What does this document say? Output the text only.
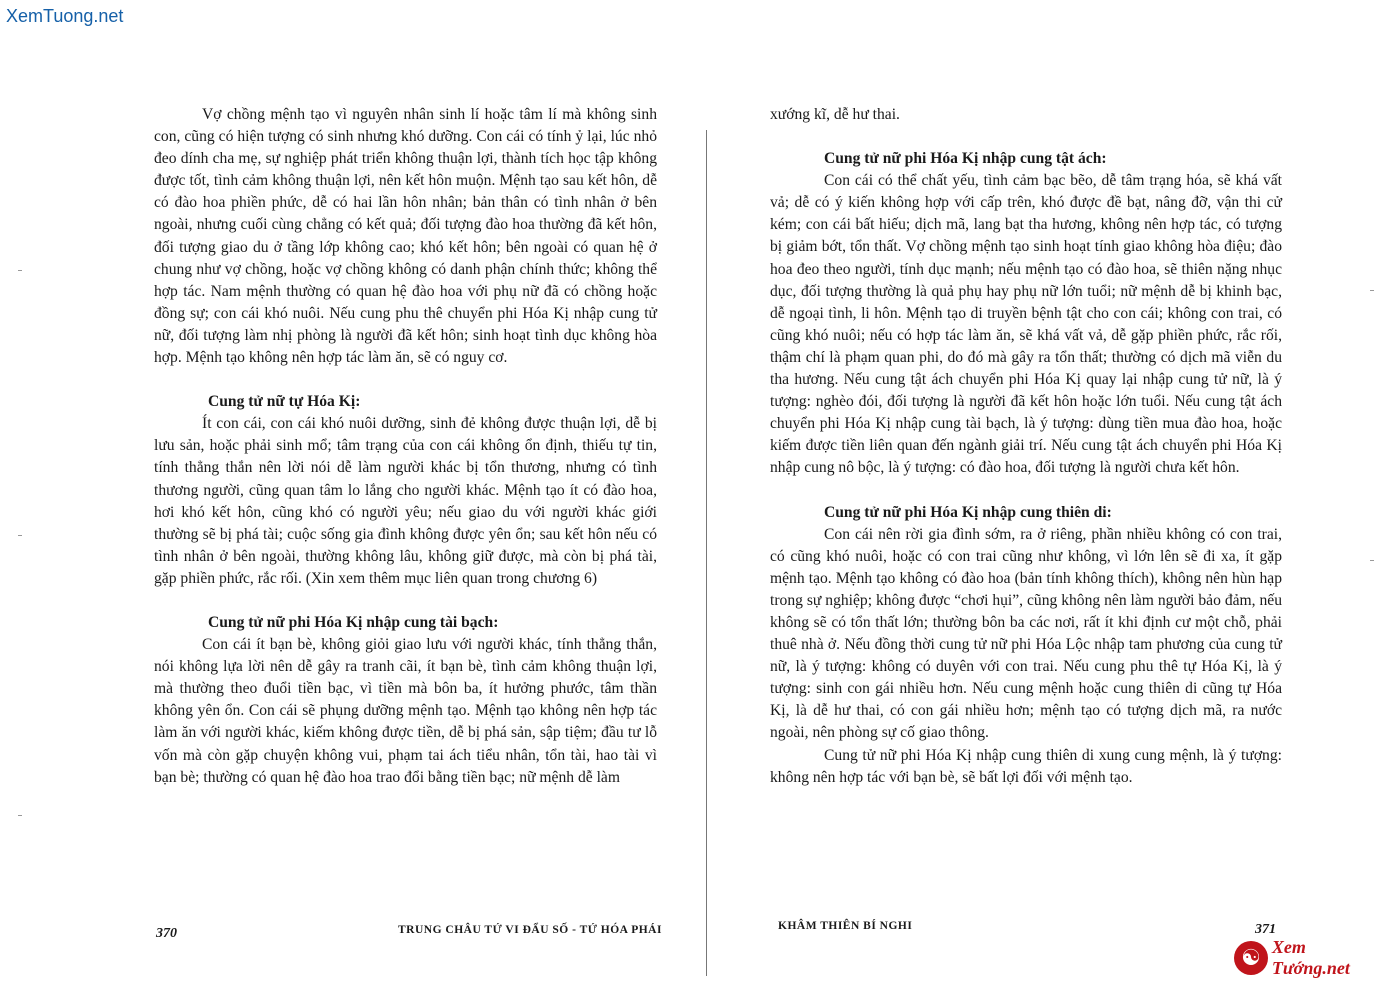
XemTuong.net

Vợ chồng mệnh tạo vì nguyên nhân sinh lí hoặc tâm lí mà không sinh con, cũng có hiện tượng có sinh nhưng khó dưỡng. Con cái có tính ỷ lại, lúc nhỏ đeo dính cha mẹ, sự nghiệp phát triển không thuận lợi, thành tích học tập không được tốt, tình cảm không thuận lợi, nên kết hôn muộn. Mệnh tạo sau kết hôn, dễ có đào hoa phiền phức, dễ có hai lần hôn nhân; bản thân có tình nhân ở bên ngoài, nhưng cuối cùng chẳng có kết quả; đối tượng đào hoa thường đã kết hôn, đối tượng giao du ở tầng lớp không cao; khó kết hôn; bên ngoài có quan hệ ở chung như vợ chồng, hoặc vợ chồng không có danh phận chính thức; không thể hợp tác. Nam mệnh thường có quan hệ đào hoa với phụ nữ đã có chồng hoặc đồng sự; con cái khó nuôi. Nếu cung phu thê chuyển phi Hóa Kị nhập cung tử nữ, đối tượng làm nhị phòng là người đã kết hôn; sinh hoạt tình dục không hòa hợp. Mệnh tạo không nên hợp tác làm ăn, sẽ có nguy cơ.

Cung tử nữ tự Hóa Kị:

Ít con cái, con cái khó nuôi dưỡng, sinh đẻ không được thuận lợi, dễ bị lưu sản, hoặc phải sinh mổ; tâm trạng của con cái không ổn định, thiếu tự tin, tính thẳng thắn nên lời nói dễ làm người khác bị tổn thương, nhưng có tình thương người, cũng quan tâm lo lắng cho người khác. Mệnh tạo ít có đào hoa, hơi khó kết hôn, cũng khó có người yêu; nếu giao du với người khác giới thường sẽ bị phá tài; cuộc sống gia đình không được yên ổn; sau kết hôn nếu có tình nhân ở bên ngoài, thường không lâu, không giữ được, mà còn bị phá tài, gặp phiền phức, rắc rối. (Xin xem thêm mục liên quan trong chương 6)

Cung tử nữ phi Hóa Kị nhập cung tài bạch:

Con cái ít bạn bè, không giỏi giao lưu với người khác, tính thẳng thắn, nói không lựa lời nên dễ gây ra tranh cãi, ít bạn bè, tình cảm không thuận lợi, mà thường theo đuổi tiền bạc, vì tiền mà bôn ba, ít hưởng phước, tâm thần không yên ổn. Con cái sẽ phụng dưỡng mệnh tạo. Mệnh tạo không nên hợp tác làm ăn với người khác, kiếm không được tiền, dễ bị phá sản, sập tiệm; đầu tư lỗ vốn mà còn gặp chuyện không vui, phạm tai ách tiểu nhân, tổn tài, hao tài vì bạn bè; thường có quan hệ đào hoa trao đổi bằng tiền bạc; nữ mệnh dễ làm

xướng kĩ, dễ hư thai.

Cung tử nữ phi Hóa Kị nhập cung tật ách:

Con cái có thể chất yếu, tình cảm bạc bẽo, dễ tâm trạng hóa, sẽ khá vất vả; dễ có ý kiến không hợp với cấp trên, khó được đề bạt, nâng đỡ, vận thi cử kém; con cái bất hiếu; dịch mã, lang bạt tha hương, không nên hợp tác, có tượng bị giảm bớt, tổn thất. Vợ chồng mệnh tạo sinh hoạt tính giao không hòa điệu; đào hoa đeo theo người, tính dục mạnh; nếu mệnh tạo có đào hoa, sẽ thiên nặng nhục dục, đối tượng thường là quả phụ hay phụ nữ lớn tuổi; nữ mệnh dễ bị khinh bạc, dễ ngoại tình, li hôn. Mệnh tạo di truyền bệnh tật cho con cái; không con trai, có cũng khó nuôi; nếu có hợp tác làm ăn, sẽ khá vất vả, dễ gặp phiền phức, rắc rối, thậm chí là phạm quan phi, do đó mà gây ra tổn thất; thường có dịch mã viễn du tha hương. Nếu cung tật ách chuyển phi Hóa Kị quay lại nhập cung tử nữ, là ý tượng: nghèo đói, đối tượng là người đã kết hôn hoặc lớn tuổi. Nếu cung tật ách chuyển phi Hóa Kị nhập cung tài bạch, là ý tượng: dùng tiền mua đào hoa, hoặc kiếm được tiền liên quan đến ngành giải trí. Nếu cung tật ách chuyển phi Hóa Kị nhập cung nô bộc, là ý tượng: có đào hoa, đối tượng là người chưa kết hôn.

Cung tử nữ phi Hóa Kị nhập cung thiên di:

Con cái nên rời gia đình sớm, ra ở riêng, phần nhiều không có con trai, có cũng khó nuôi, hoặc có con trai cũng như không, vì lớn lên sẽ đi xa, ít gặp mệnh tạo. Mệnh tạo không có đào hoa (bản tính không thích), không nên hùn hạp trong sự nghiệp; không được “chơi hụi”, cũng không nên làm người bảo đảm, nếu không sẽ có tổn thất lớn; thường bôn ba các nơi, rất ít khi định cư một chỗ, phải thuê nhà ở. Nếu đồng thời cung tử nữ phi Hóa Lộc nhập tam phương của cung tử nữ, là ý tượng: không có duyên với con trai. Nếu cung phu thê tự Hóa Kị, là ý tượng: sinh con gái nhiều hơn. Nếu cung mệnh hoặc cung thiên di cũng tự Hóa Kị, là dễ hư thai, có con gái nhiều hơn; mệnh tạo có tượng dịch mã, ra nước ngoài, nên phòng sự cố giao thông.

Cung tử nữ phi Hóa Kị nhập cung thiên di xung cung mệnh, là ý tượng: không nên hợp tác với bạn bè, sẽ bất lợi đối với mệnh tạo.

370	TRUNG CHÂU TỨ VI ĐẨU SỐ - TỨ HÓA PHÁI	KHÂM THIÊN BÍ NGHI	371
☯ Xem Tướng.net
